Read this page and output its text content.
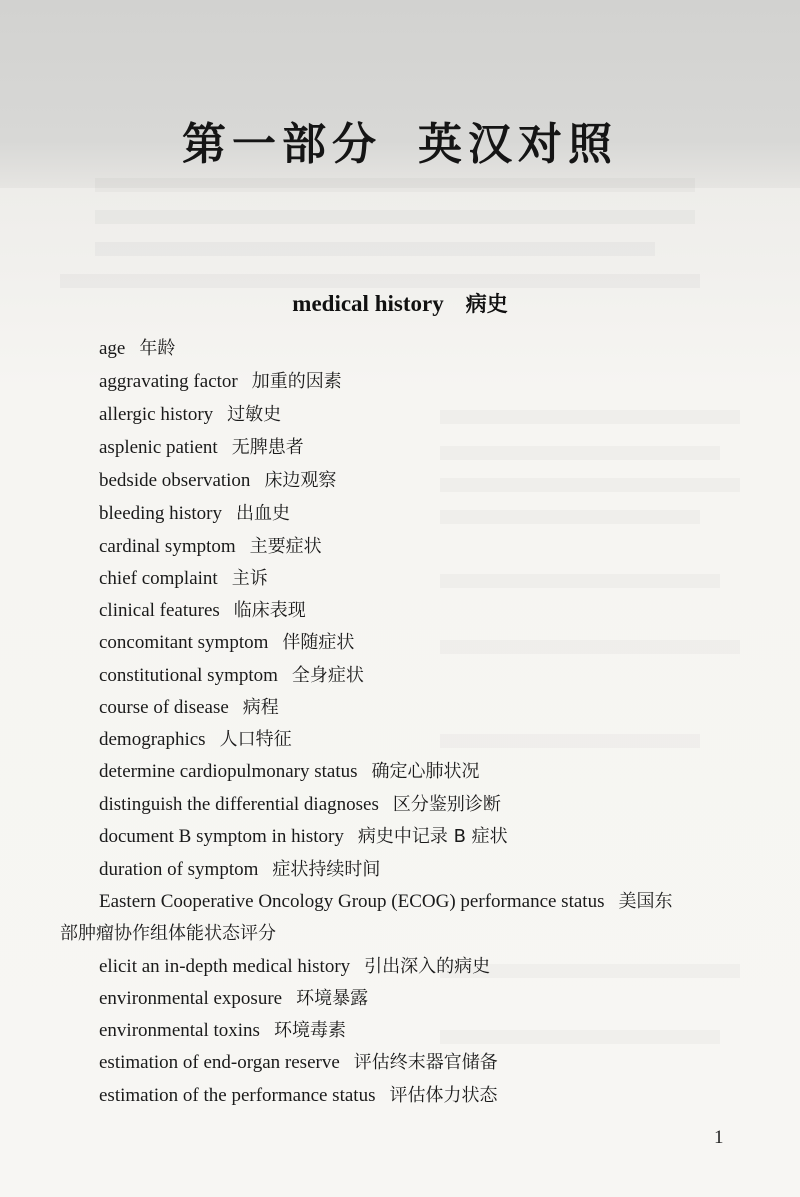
第一部分 英汉对照
medical history 病史
age 年龄
aggravating factor 加重的因素
allergic history 过敏史
asplenic patient 无脾患者
bedside observation 床边观察
bleeding history 出血史
cardinal symptom 主要症状
chief complaint 主诉
clinical features 临床表现
concomitant symptom 伴随症状
constitutional symptom 全身症状
course of disease 病程
demographics 人口特征
determine cardiopulmonary status 确定心肺状况
distinguish the differential diagnoses 区分鉴别诊断
document B symptom in history 病史中记录 B 症状
duration of symptom 症状持续时间
Eastern Cooperative Oncology Group (ECOG) performance status 美国东
部肿瘤协作组体能状态评分
elicit an in-depth medical history 引出深入的病史
environmental exposure 环境暴露
environmental toxins 环境毒素
estimation of end-organ reserve 评估终末器官储备
estimation of the performance status 评估体力状态
1
